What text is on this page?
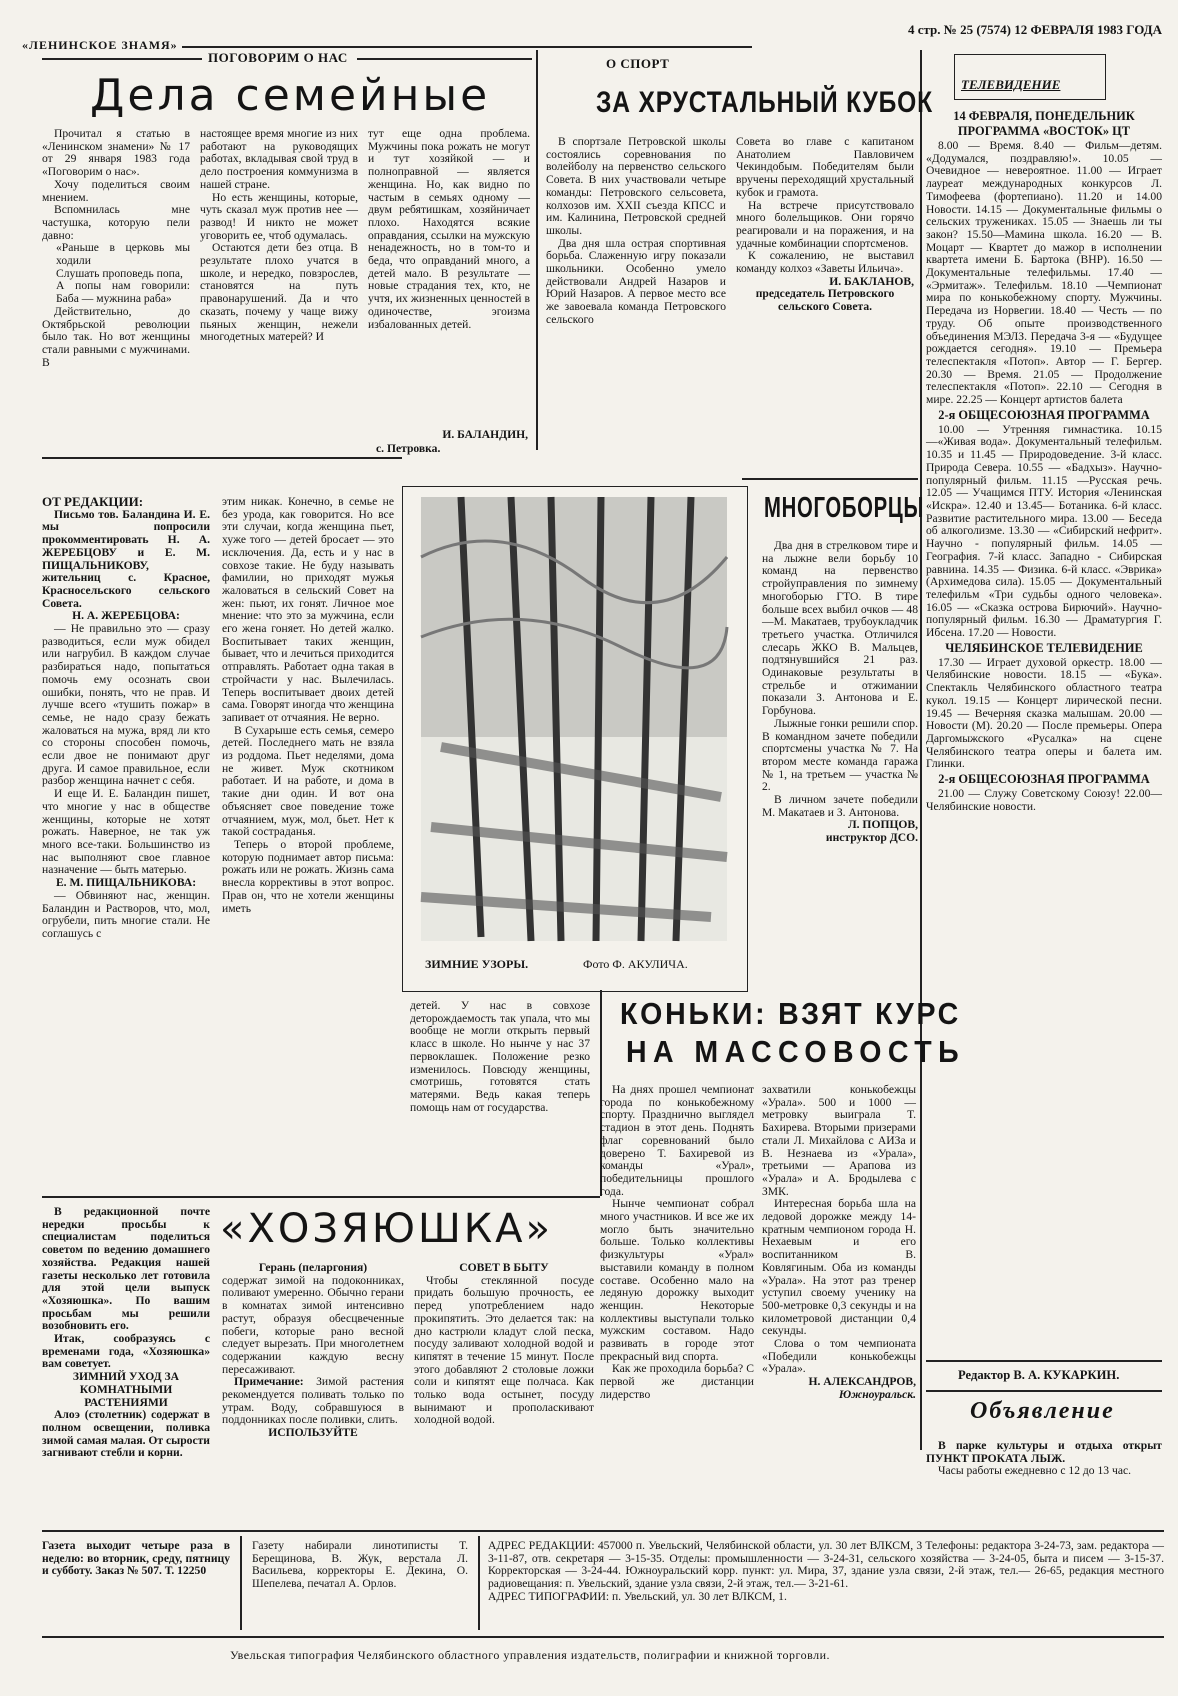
«ЛЕНИНСКОЕ ЗНАМЯ»
4 стр. № 25 (7574) 12 ФЕВРАЛЯ 1983 ГОДА
ПОГОВОРИМ О НАС
Дела семейные

Прочитал я статью в «Ленинском знамени» № 17 от 29 января 1983 года «Поговорим о нас».

Хочу поделиться своим мнением.

Вспомнилась мне частушка, которую пели давно:

«Раньше в церковь мы ходили

Слушать проповедь попа,

А попы нам говорили: Баба — мужнина раба»

Действительно, до Октябрьской революции было так. Но вот женщины стали равными с мужчинами. В

настоящее время многие из них работают на руководящих работах, вкладывая свой труд в дело построения коммунизма в нашей стране.

Но есть женщины, которые, чуть сказал муж против нее — развод! И никто не может уговорить ее, чтоб одумалась.

Остаются дети без отца. В результате плохо учатся в школе, и нередко, повзрослев, становятся на путь правонарушений. Да и что сказать, почему у чаще вижу пьяных женщин, нежели многодетных матерей? И

тут еще одна проблема. Мужчины пока рожать не могут и тут хозяйкой — и полноправной — является женщина. Но, как видно по частым в семьях одному — двум ребятишкам, хозяйничает плохо. Находятся всякие оправдания, ссылки на мужскую ненадежность, но в том-то и беда, что оправданий много, а детей мало. В результате — новые страдания тех, кто, не учтя, их жизненных ценностей в одиночестве, эгоизма избалованных детей.

И. БАЛАНДИН,
с. Петровка.
О СПОРТ
ЗА ХРУСТАЛЬНЫЙ КУБОК

В спортзале Петровской школы состоялись соревнования по волейболу на первенство сельского Совета. В них участвовали четыре команды: Петровского сельсовета, колхозов им. XXII съезда КПСС и им. Калинина, Петровской средней школы.

Два дня шла острая спортивная борьба. Слаженную игру показали школьники. Особенно умело действовали Андрей Назаров и Юрий Назаров. А первое место все же завоевала команда Петровского сельского

Совета во главе с капитаном Анатолием Павловичем Чекиндобым. Победителям были вручены переходящий хрустальный кубок и грамота.

На встрече присутствовало много болельщиков. Они горячо реагировали и на поражения, и на удачные комбинации спортсменов.

К сожалению, не выставил команду колхоз «Заветы Ильича».

И. БАКЛАНОВ,

председатель Петровского сельского Совета.

ОТ РЕДАКЦИИ:

Письмо тов. Баландина И. Е. мы попросили прокомментировать Н. А. ЖЕРЕБЦОВУ и Е. М. ПИЩАЛЬНИКОВУ, жительниц с. Красное, Красносельского сельского Совета.

Н. А. ЖЕРЕБЦОВА:

— Не правильно это — сразу разводиться, если муж обидел или нагрубил. В каждом случае разбираться надо, попытаться помочь ему осознать свои ошибки, понять, что не прав. И лучше всего «тушить пожар» в семье, не надо сразу бежать жаловаться на мужа, вряд ли кто со стороны способен помочь, если двое не понимают друг друга. И самое правильное, если разбор женщина начнет с себя.

И еще И. Е. Баландин пишет, что многие у нас в обществе женщины, которые не хотят рожать. Наверное, не так уж много все-таки. Большинство из нас выполняют свое главное назначение — быть матерью.

Е. М. ПИЩАЛЬНИКОВА:

— Обвиняют нас, женщин. Баландин и Растворов, что, мол, огрубели, пить многие стали. Не соглашусь с

этим никак. Конечно, в семье не без урода, как говорится. Но все эти случаи, когда женщина пьет, хуже того — детей бросает — это исключения. Да, есть и у нас в совхозе такие. Не буду называть фамилии, но приходят мужья жаловаться в сельский Совет на жен: пьют, их гонят. Личное мое мнение: что это за мужчина, если его жена гоняет. Но детей жалко. Воспитывает таких женщин, бывает, что и лечиться приходится отправлять. Работает одна такая в стройчасти у нас. Вылечилась. Теперь воспитывает двоих детей сама. Говорят иногда что женщина запивает от отчаяния. Не верно.

В Сухарыше есть семья, семеро детей. Последнего мать не взяла из роддома. Пьет неделями, дома не живет. Муж скотником работает. И на работе, и дома в такие дни один. И вот она объясняет свое поведение тоже отчаянием, муж, мол, бьет. Нет к такой состраданья.

Теперь о второй проблеме, которую поднимает автор письма: рожать или не рожать. Жизнь сама внесла коррективы в этот вопрос. Прав он, что не хотели женщины иметь

детей. У нас в совхозе деторождаемость так упала, что мы вообще не могли открыть первый класс в школе. Но нынче у нас 37 первоклашек. Положение резко изменилось. Повсюду женщины, смотришь, готовятся стать матерями. Ведь какая теперь помощь нам от государства.

ЗИМНИЕ УЗОРЫ.	Фото Ф. АКУЛИЧА.
МНОГОБОРЦЫ

Два дня в стрелковом тире и на лыжне вели борьбу 10 команд на первенство стройуправления по зимнему многоборью ГТО. В тире больше всех выбил очков — 48—М. Макатаев, трубоукладчик третьего участка. Отличился слесарь ЖКО В. Мальцев, подтянувшийся 21 раз. Одинаковые результаты в стрельбе и отжимании показали З. Антонова и Е. Горбунова.

Лыжные гонки решили спор. В командном зачете победили спортсмены участка № 7. На втором месте команда гаража № 1, на третьем — участка № 2.

В личном зачете победили М. Макатаев и З. Антонова.

Л. ПОПЦОВ,
инструктор ДСО.
КОНЬКИ: ВЗЯТ КУРС
НА МАССОВОСТЬ

На днях прошел чемпионат города по конькобежному спорту. Празднично выглядел стадион в этот день. Поднять флаг соревнований было доверено Т. Бахиревой из команды «Урал», победительницы прошлого года.

Нынче чемпионат собрал много участников. И все же их могло быть значительно больше. Только коллективы физкультуры «Урал» выставили команду в полном составе. Особенно мало на ледяную дорожку выходит женщин. Некоторые коллективы выступали только мужским составом. Надо развивать в городе этот прекрасный вид спорта.

Как же проходила борьба? С первой же дистанции лидерство

захватили конькобежцы «Урала». 500 и 1000 — метровку выиграла Т. Бахирева. Вторыми призерами стали Л. Михайлова с АИЗа и В. Незнаева из «Урала», третьими — Арапова из «Урала» и А. Бродылева с ЗМК.

Интересная борьба шла на ледовой дорожке между 14-кратным чемпионом города Н. Нехаевым и его воспитанником В. Ковлягиным. Оба из команды «Урала». На этот раз тренер уступил своему ученику на 500-метровке 0,3 секунды и на километровой дистанции 0,4 секунды.

Слова о том чемпионата «Победили конькобежцы «Урала».

Н. АЛЕКСАНДРОВ,
Южноуральск.

В редакционной почте нередки просьбы к специалистам поделиться советом по ведению домашнего хозяйства. Редакция нашей газеты несколько лет готовила для этой цели выпуск «Хозяюшка». По вашим просьбам мы решили возобновить его.

Итак, сообразуясь с временами года, «Хозяюшка» вам советует.

ЗИМНИЙ УХОД ЗА КОМНАТНЫМИ РАСТЕНИЯМИ

Алоэ (столетник) содержат в полном освещении, поливка зимой самая малая. От сырости загнивают стебли и корни.

«ХОЗЯЮШКА»

Герань (пеларгония)

содержат зимой на подоконниках, поливают умеренно. Обычно герани в комнатах зимой интенсивно растут, образуя обесцвеченные побеги, которые рано весной следует вырезать. При многолетнем содержании каждую весну пересаживают.

Примечание: Зимой растения рекомендуется поливать только по утрам. Воду, собравшуюся в поддонниках после поливки, слить.

ИСПОЛЬЗУЙТЕ

СОВЕТ В БЫТУ

Чтобы стеклянной посуде придать большую прочность, ее перед употреблением надо прокипятить. Это делается так: на дно кастрюли кладут слой песка, посуду заливают холодной водой и кипятят в течение 15 минут. После этого добавляют 2 столовые ложки соли и кипятят еще полчаса. Как только вода остынет, посуду вынимают и прополаскивают холодной водой.

ТЕЛЕВИДЕНИЕ
14 ФЕВРАЛЯ, ПОНЕДЕЛЬНИК
ПРОГРАММА «ВОСТОК» ЦТ

8.00 — Время. 8.40 — Фильм—детям. «Додумался, поздравляю!». 10.05 — Очевидное — невероятное. 11.00 — Играет лауреат международных конкурсов Л. Тимофеева (фортепиано). 11.20 и 14.00 Новости. 14.15 — Документальные фильмы о сельских тружениках. 15.05 — Знаешь ли ты закон? 15.50—Мамина школа. 16.20 — В. Моцарт — Квартет до мажор в исполнении квартета имени Б. Бартока (ВНР). 16.50 — Документальные телефильмы. 17.40 — «Эрмитаж». Телефильм. 18.10 —Чемпионат мира по конькобежному спорту. Мужчины. Передача из Норвегии. 18.40 — Честь — по труду. Об опыте производственного объединения МЭЛЗ. Передача 3-я — «Будущее рождается сегодня». 19.10 — Премьера телеспектакля «Потоп». Автор — Г. Бергер. 20.30 — Время. 21.05 — Продолжение телеспектакля «Потоп». 22.10 — Сегодня в мире. 22.25 — Концерт артистов балета

2-я ОБЩЕСОЮЗНАЯ ПРОГРАММА

10.00 — Утренняя гимнастика. 10.15—«Живая вода». Документальный телефильм. 10.35 и 11.45 — Природоведение. 3-й класс. Природа Севера. 10.55 — «Бадхыз». Научно-популярный фильм. 11.15 —Русская речь. 12.05 — Учащимся ПТУ. История «Ленинская «Искра». 12.40 и 13.45— Ботаника. 6-й класс. Развитие растительного мира. 13.00 — Беседа об алкоголизме. 13.30 — «Сибирский нефрит». Научно - популярный фильм. 14.05 — География. 7-й класс. Западно - Сибирская равнина. 14.35 — Физика. 6-й класс. «Эврика» (Архимедова сила). 15.05 — Документальный телефильм «Три судьбы одного человека». 16.05 — «Сказка острова Бирючий». Научно-популярный фильм. 16.30 — Драматургия Г. Ибсена. 17.20 — Новости.

ЧЕЛЯБИНСКОЕ ТЕЛЕВИДЕНИЕ

17.30 — Играет духовой оркестр. 18.00 — Челябинские новости. 18.15 — «Бука». Спектакль Челябинского областного театра кукол. 19.15 — Концерт лирической песни. 19.45 — Вечерняя сказка малышам. 20.00 — Новости (М). 20.20 — После премьеры. Опера Даргомыжского «Русалка» на сцене Челябинского театра оперы и балета им. Глинки.

2-я ОБЩЕСОЮЗНАЯ ПРОГРАММА

21.00 — Служу Советскому Союзу! 22.00—Челябинские новости.

Редактор В. А. КУКАРКИН.
Объявление

В парке культуры и отдыха открыт ПУНКТ ПРОКАТА ЛЫЖ.

Часы работы ежедневно с 12 до 13 час.

Газета выходит четыре раза в неделю: во вторник, среду, пятницу и субботу. Заказ № 507. Т. 12250
Газету набирали линотиписты Т. Берещинова, В. Жук, верстала Л. Васильева, корректоры Е. Декина, О. Шепелева, печатал А. Орлов.

АДРЕС РЕДАКЦИИ: 457000 п. Увельский, Челябинской области, ул. 30 лет ВЛКСМ, 3 Телефоны: редактора 3-24-73, зам. редактора — 3-11-87, отв. секретаря — 3-15-35. Отделы: промышленности — 3-24-31, сельского хозяйства — 3-24-05, быта и писем — 3-15-37. Корректорская — 3-24-44. Южноуральский корр. пункт: ул. Мира, 37, здание узла связи, 2-й этаж, тел.— 26-65, редакция местного радиовещания: п. Увельский, здание узла связи, 2-й этаж, тел.— 3-21-61.

АДРЕС ТИПОГРАФИИ: п. Увельский, ул. 30 лет ВЛКСМ, 1.

Увельская типография Челябинского областного управления издательств, полиграфии и книжной торговли.
